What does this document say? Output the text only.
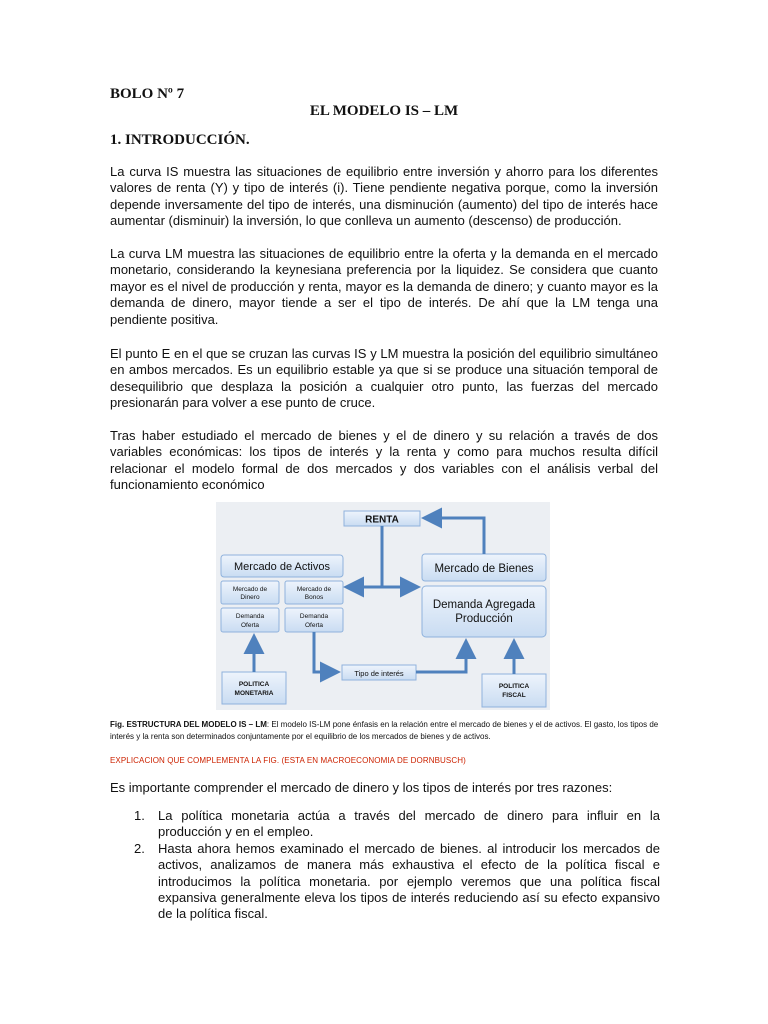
BOLO Nº 7
EL MODELO IS – LM
1. INTRODUCCIÓN.

La curva IS muestra las situaciones de equilibrio entre inversión y ahorro para los diferentes valores de renta (Y) y tipo de interés (i). Tiene pendiente negativa porque, como la inversión depende inversamente del tipo de interés, una disminución (aumento) del tipo de interés hace aumentar (disminuir) la inversión, lo que conlleva un aumento (descenso) de producción.

La curva LM muestra las situaciones de equilibrio entre la oferta y la demanda en el mercado monetario, considerando la keynesiana preferencia por la liquidez. Se considera que cuanto mayor es el nivel de producción y renta, mayor es la demanda de dinero; y cuanto mayor es la demanda de dinero, mayor tiende a ser el tipo de interés. De ahí que la LM tenga una pendiente positiva.

El punto E en el que se cruzan las curvas IS y LM muestra la posición del equilibrio simultáneo en ambos mercados. Es un equilibrio estable ya que si se produce una situación temporal de desequilibrio que desplaza la posición a cualquier otro punto, las fuerzas del mercado presionarán para volver a ese punto de cruce.

Tras haber estudiado el mercado de bienes y el de dinero y su relación a través de dos variables económicas: los tipos de interés y la renta y como para muchos resulta difícil relacionar el modelo formal de dos mercados y dos variables con el análisis verbal del funcionamiento económico

RENTA
Mercado de Activos
Mercado de
Dinero
Mercado de
Bonos
Demanda
Oferta
Demanda
Oferta
Mercado de Bienes
Demanda Agregada
Producción
Tipo de interés
POLITICA
MONETARIA
POLITICA
FISCAL
Fig. ESTRUCTURA DEL MODELO IS – LM: El modelo IS-LM pone énfasis en la relación entre el mercado de bienes y el de activos. El gasto, los tipos de interés y la renta son determinados conjuntamente por el equilibrio de los mercados de bienes y de activos.
EXPLICACION QUE COMPLEMENTA LA FIG. (ESTA EN MACROECONOMIA DE DORNBUSCH)
Es importante comprender el mercado de dinero y los tipos de interés por tres razones:
1. La política monetaria actúa a través del mercado de dinero para influir en la producción y en el empleo.
2. Hasta ahora hemos examinado el mercado de bienes. al introducir los mercados de activos, analizamos de manera más exhaustiva el efecto de la política fiscal e introducimos la política monetaria. por ejemplo veremos que una política fiscal expansiva generalmente eleva los tipos de interés reduciendo así su efecto expansivo de la política fiscal.
